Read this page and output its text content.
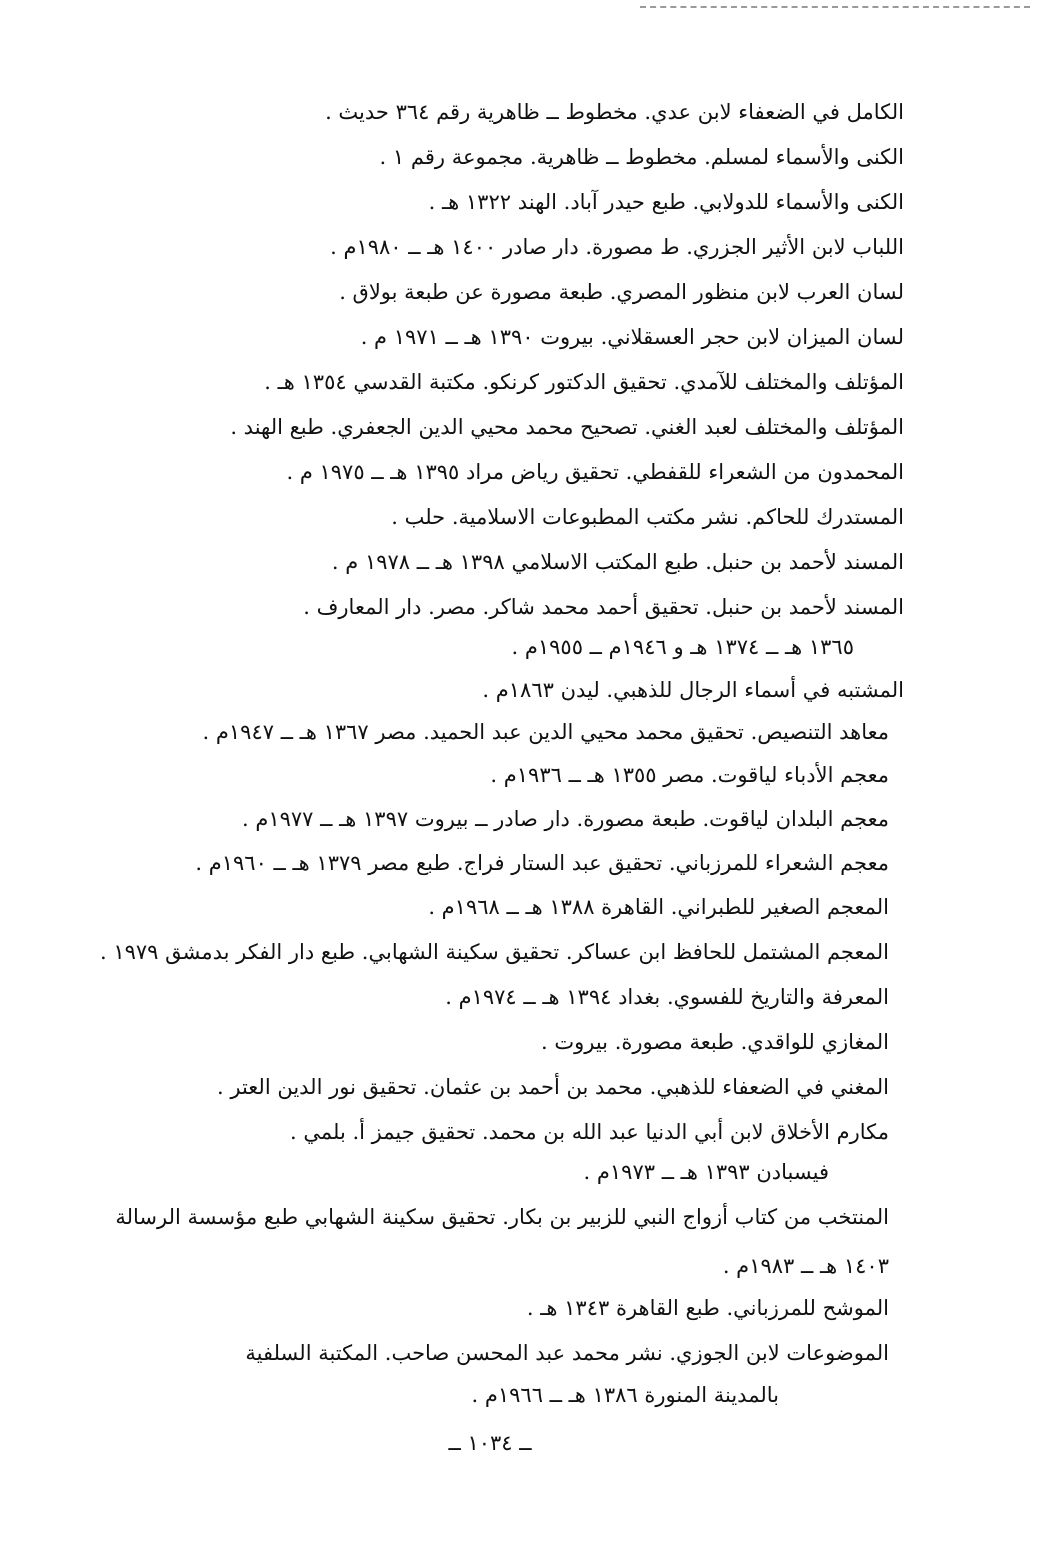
الكامل في الضعفاء لابن عدي. مخطوط ــ ظاهرية رقم ٣٦٤ حديث .
الكنى والأسماء لمسلم. مخطوط ــ ظاهرية. مجموعة رقم ١ .
الكنى والأسماء للدولابي. طبع حيدر آباد. الهند ١٣٢٢ هـ .
اللباب لابن الأثير الجزري. ط مصورة. دار صادر ١٤٠٠ هـ ــ ١٩٨٠م .
لسان العرب لابن منظور المصري. طبعة مصورة عن طبعة بولاق .
لسان الميزان لابن حجر العسقلاني. بيروت ١٣٩٠ هـ ــ ١٩٧١ م .
المؤتلف والمختلف للآمدي. تحقيق الدكتور كرنكو. مكتبة القدسي ١٣٥٤ هـ .
المؤتلف والمختلف لعبد الغني. تصحيح محمد محيي الدين الجعفري. طبع الهند .
المحمدون من الشعراء للقفطي. تحقيق رياض مراد ١٣٩٥ هـ ــ ١٩٧٥ م .
المستدرك للحاكم. نشر مكتب المطبوعات الاسلامية. حلب .
المسند لأحمد بن حنبل. طبع المكتب الاسلامي ١٣٩٨ هـ ــ ١٩٧٨ م .
المسند لأحمد بن حنبل. تحقيق أحمد محمد شاكر. مصر. دار المعارف .
١٣٦٥ هـ ــ ١٣٧٤ هـ و ١٩٤٦م ــ ١٩٥٥م .
المشتبه في أسماء الرجال للذهبي. ليدن ١٨٦٣م .
معاهد التنصيص. تحقيق محمد محيي الدين عبد الحميد. مصر ١٣٦٧ هـ ــ ١٩٤٧م .
معجم الأدباء لياقوت. مصر ١٣٥٥ هـ ــ ١٩٣٦م .
معجم البلدان لياقوت. طبعة مصورة. دار صادر ــ بيروت ١٣٩٧ هـ ــ ١٩٧٧م .
معجم الشعراء للمرزباني. تحقيق عبد الستار فراج. طبع مصر ١٣٧٩ هـ ــ ١٩٦٠م .
المعجم الصغير للطبراني. القاهرة ١٣٨٨ هـ ــ ١٩٦٨م .
المعجم المشتمل للحافظ ابن عساكر. تحقيق سكينة الشهابي. طبع دار الفكر بدمشق ١٩٧٩ .
المعرفة والتاريخ للفسوي. بغداد ١٣٩٤ هـ ــ ١٩٧٤م .
المغازي للواقدي. طبعة مصورة. بيروت .
المغني في الضعفاء للذهبي. محمد بن أحمد بن عثمان. تحقيق نور الدين العتر .
مكارم الأخلاق لابن أبي الدنيا عبد الله بن محمد. تحقيق جيمز أ. بلمي .
فيسبادن ١٣٩٣ هـ ــ ١٩٧٣م .
المنتخب من كتاب أزواج النبي للزبير بن بكار. تحقيق سكينة الشهابي طبع مؤسسة الرسالة
١٤٠٣ هـ ــ ١٩٨٣م .
الموشح للمرزباني. طبع القاهرة ١٣٤٣ هـ .
الموضوعات لابن الجوزي. نشر محمد عبد المحسن صاحب. المكتبة السلفية
بالمدينة المنورة ١٣٨٦ هـ ــ ١٩٦٦م .
ــ ١٠٣٤ ــ
